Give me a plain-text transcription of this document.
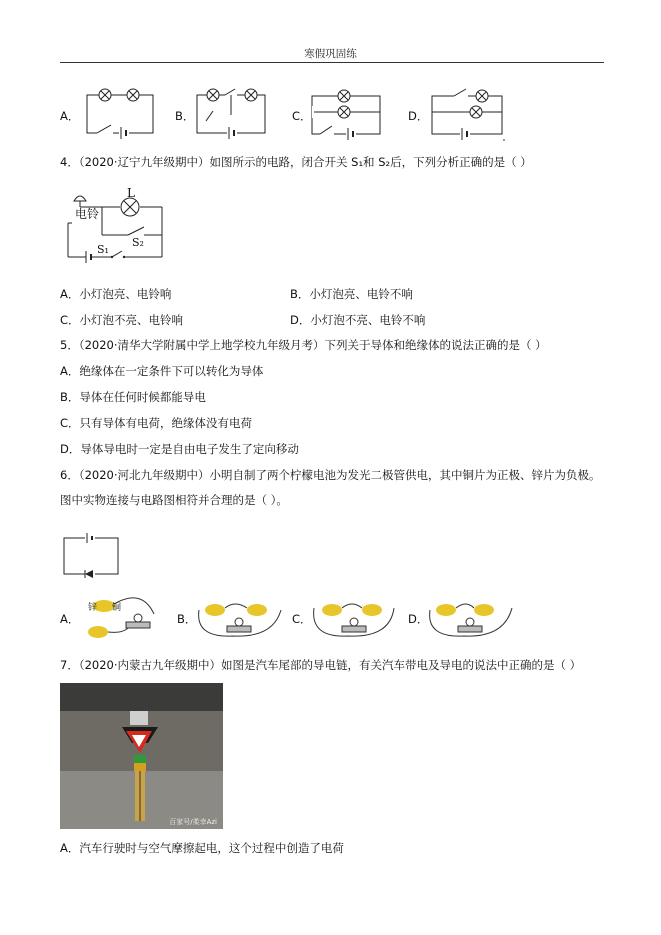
寒假巩固练
A．	B．	C．	D．
4．（2020·辽宁九年级期中）如图所示的电路，闭合开关 S₁和 S₂后，下列分析正确的是（ ）
电铃
L
S₂
S₁
A．小灯泡亮、电铃响	B．小灯泡亮、电铃不响
C．小灯泡不亮、电铃响	D．小灯泡不亮、电铃不响
5．（2020·清华大学附属中学上地学校九年级月考）下列关于导体和绝缘体的说法正确的是（ ）
A．绝缘体在一定条件下可以转化为导体
B．导体在任何时候都能导电
C．只有导体有电荷，绝缘体没有电荷
D．导体导电时一定是自由电子发生了定向移动
6．（2020·河北九年级期中）小明自制了两个柠檬电池为发光二极管供电，其中铜片为正极、锌片为负极。
图中实物连接与电路图相符并合理的是（ ）。
A．
锌 铜
B．	C．	D．
7．（2020·内蒙古九年级期中）如图是汽车尾部的导电链，有关汽车带电及导电的说法中正确的是（ ）
百家号/柔幸Azi
A．汽车行驶时与空气摩擦起电，这个过程中创造了电荷
